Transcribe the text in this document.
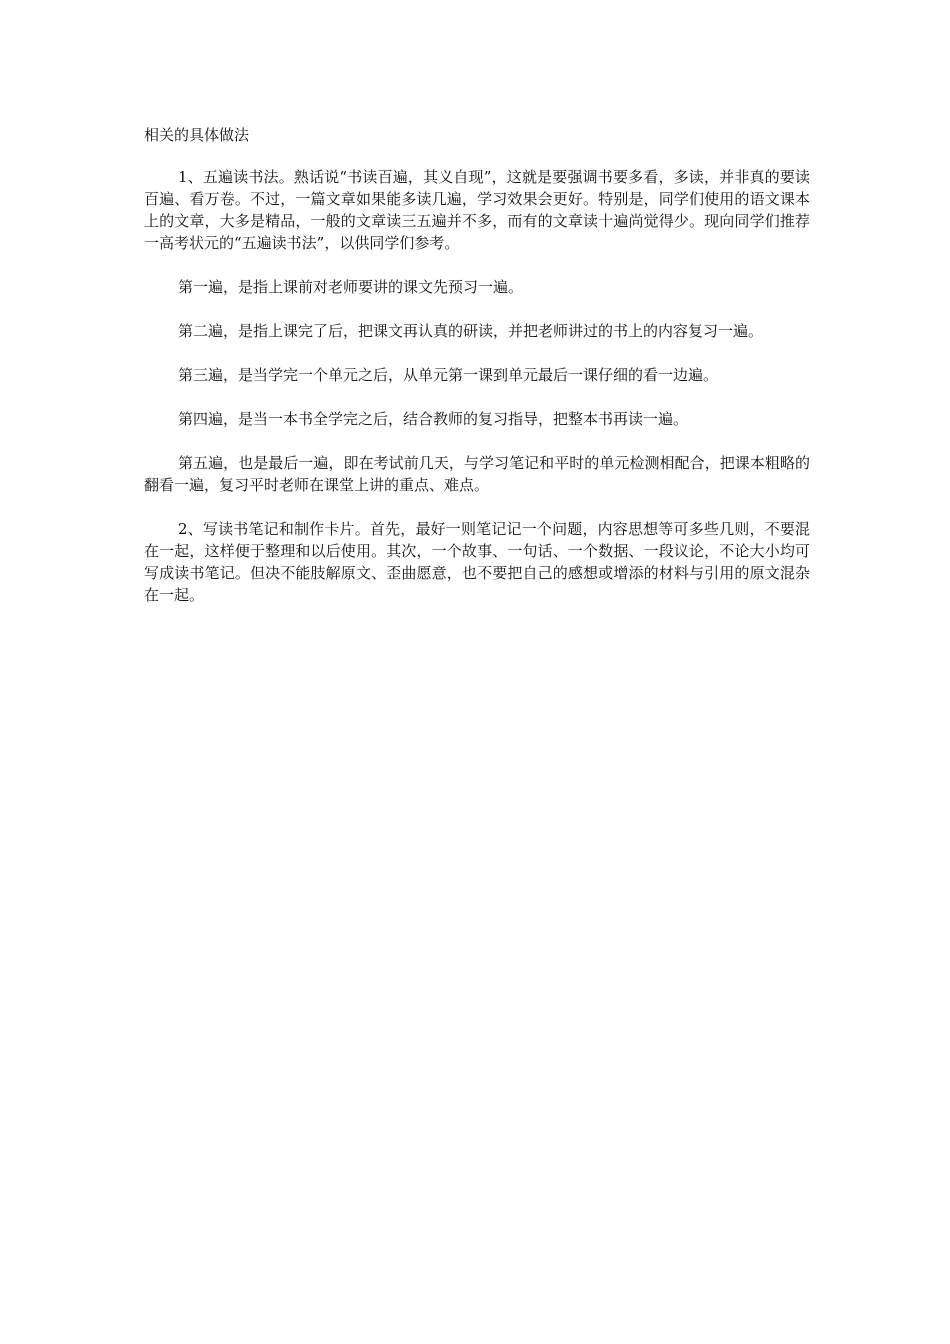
相关的具体做法

1、五遍读书法。熟话说“书读百遍，其义自现”，这就是要强调书要多看，多读，并非真的要读百遍、看万卷。不过，一篇文章如果能多读几遍，学习效果会更好。特别是，同学们使用的语文课本上的文章，大多是精品，一般的文章读三五遍并不多，而有的文章读十遍尚觉得少。现向同学们推荐一高考状元的“五遍读书法”，以供同学们参考。

第一遍，是指上课前对老师要讲的课文先预习一遍。

第二遍，是指上课完了后，把课文再认真的研读，并把老师讲过的书上的内容复习一遍。

第三遍，是当学完一个单元之后，从单元第一课到单元最后一课仔细的看一边遍。

第四遍，是当一本书全学完之后，结合教师的复习指导，把整本书再读一遍。

第五遍，也是最后一遍，即在考试前几天，与学习笔记和平时的单元检测相配合，把课本粗略的翻看一遍，复习平时老师在课堂上讲的重点、难点。

2、写读书笔记和制作卡片。首先，最好一则笔记记一个问题，内容思想等可多些几则，不要混在一起，这样便于整理和以后使用。其次，一个故事、一句话、一个数据、一段议论，不论大小均可写成读书笔记。但决不能肢解原文、歪曲愿意，也不要把自己的感想或增添的材料与引用的原文混杂在一起。
